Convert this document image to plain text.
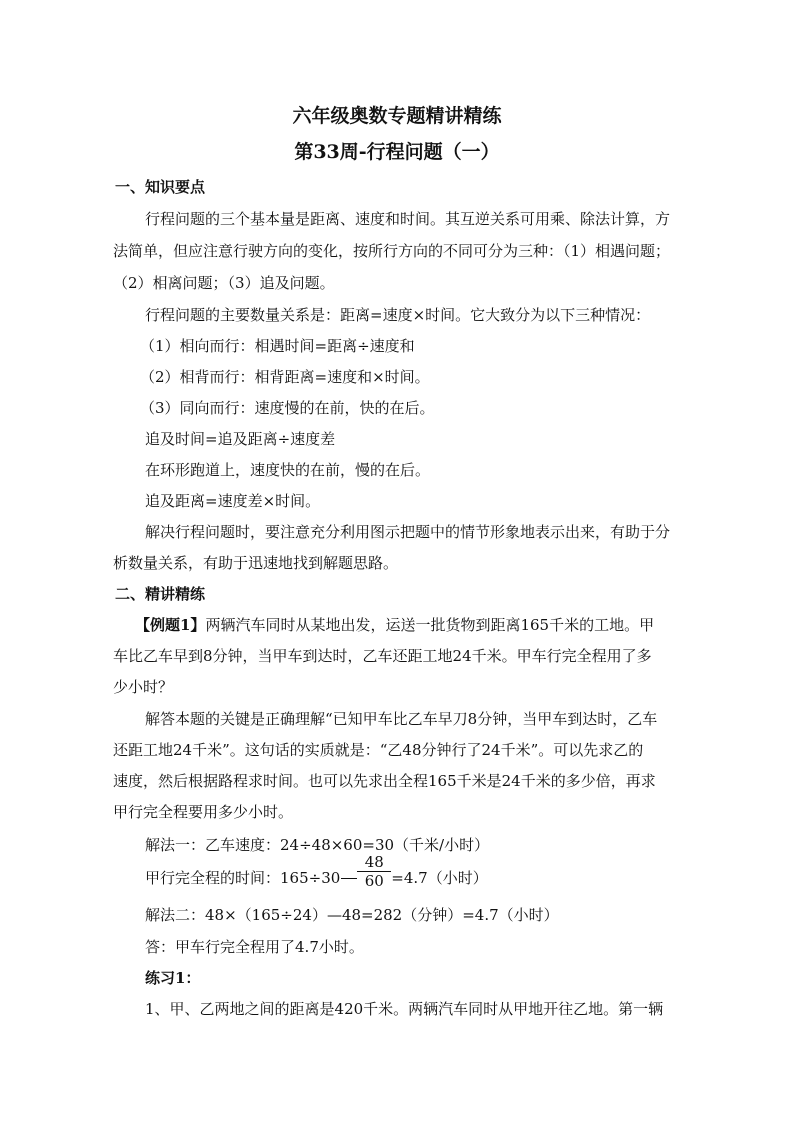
六年级奥数专题精讲精练
第33周-行程问题（一）
一、知识要点
行程问题的三个基本量是距离、速度和时间。其互逆关系可用乘、除法计算，方
法简单，但应注意行驶方向的变化，按所行方向的不同可分为三种：（1）相遇问题；
（2）相离问题；（3）追及问题。
行程问题的主要数量关系是：距离=速度×时间。它大致分为以下三种情况：
（1）相向而行：相遇时间=距离÷速度和
（2）相背而行：相背距离=速度和×时间。
（3）同向而行：速度慢的在前，快的在后。
追及时间=追及距离÷速度差
在环形跑道上，速度快的在前，慢的在后。
追及距离=速度差×时间。
解决行程问题时，要注意充分利用图示把题中的情节形象地表示出来，有助于分
析数量关系，有助于迅速地找到解题思路。
二、精讲精练
【例题1】两辆汽车同时从某地出发，运送一批货物到距离165千米的工地。甲
车比乙车早到8分钟，当甲车到达时，乙车还距工地24千米。甲车行完全程用了多
少小时？
解答本题的关键是正确理解“已知甲车比乙车早刀8分钟，当甲车到达时，乙车
还距工地24千米”。这句话的实质就是：“乙48分钟行了24千米”。可以先求乙的
速度，然后根据路程求时间。也可以先求出全程165千米是24千米的多少倍，再求
甲行完全程要用多少小时。
解法一：乙车速度：24÷48×60=30（千米/小时）
甲行完全程的时间：$165\div 30 \frac{48}{60} =4.7$（小时）
解法二：48×（165÷24）—48=282（分钟）=4.7（小时）
答：甲车行完全程用了4.7小时。
练习1：
1、甲、乙两地之间的距离是420千米。两辆汽车同时从甲地开往乙地。第一辆
